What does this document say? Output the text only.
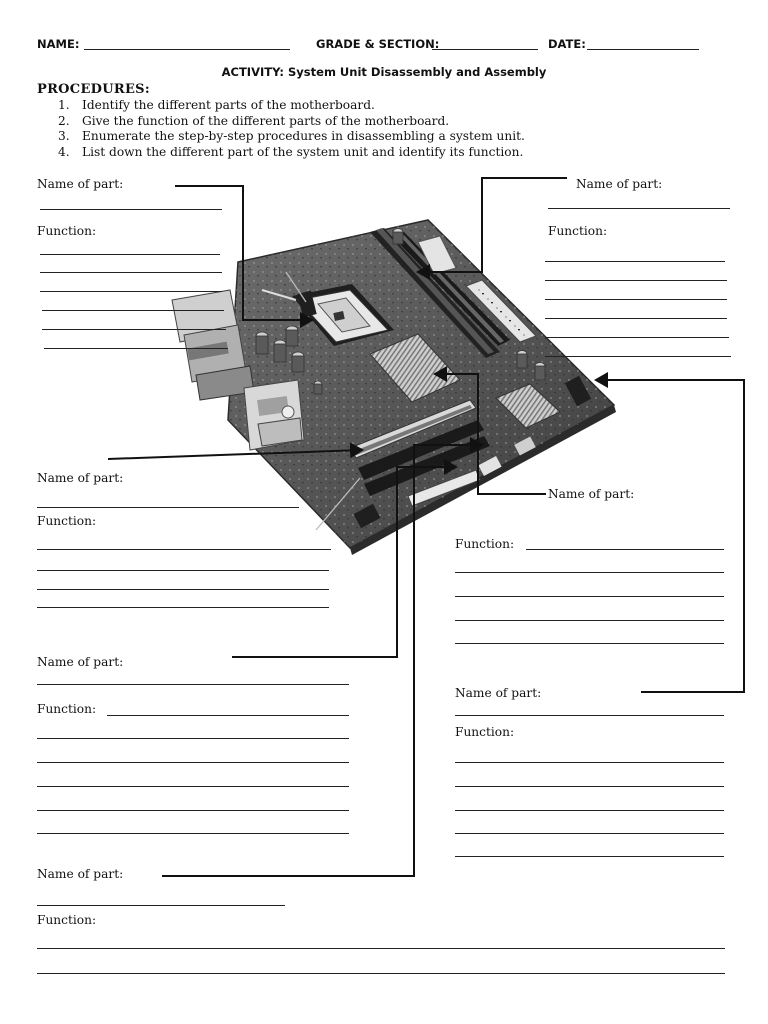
NAME:	GRADE & SECTION:	DATE:
ACTIVITY: System Unit Disassembly and Assembly
PROCEDURES:
1. Identify the different parts of the motherboard.
2. Give the function of the different parts of the motherboard.
3. Enumerate the step-by-step procedures in disassembling a system unit.
4. List down the different part of the system unit and identify its function.
Name of part:
Function:
Name of part:
Function:
Name of part:
Function:
Name of part:
Function:
Name of part:
Function:
Name of part:
Function:
Name of part:
Function:
